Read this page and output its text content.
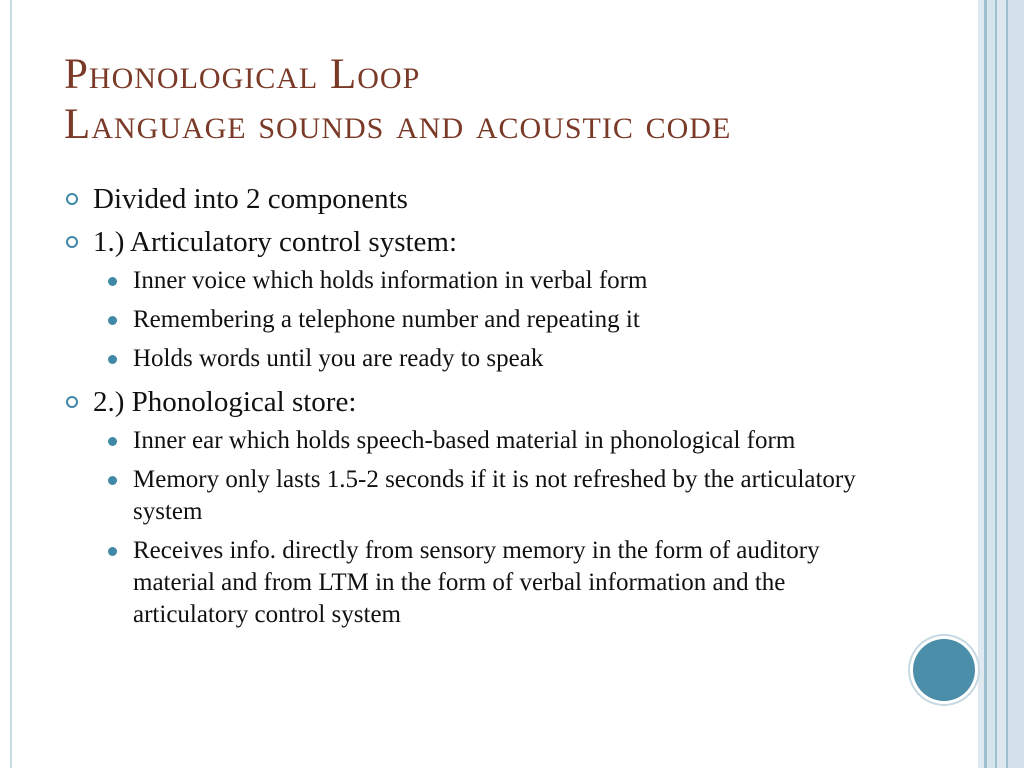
Phonological Loop
Language sounds and acoustic code
Divided into 2 components
1.) Articulatory control system:
Inner voice which holds information in verbal form
Remembering a telephone number and repeating it
Holds words until you are ready to speak
2.) Phonological store:
Inner ear which holds speech-based material in phonological form
Memory only lasts 1.5-2 seconds if it is not refreshed by the articulatory system
Receives info. directly from sensory memory in the form of auditory material and from LTM in the form of verbal information and the articulatory control system
